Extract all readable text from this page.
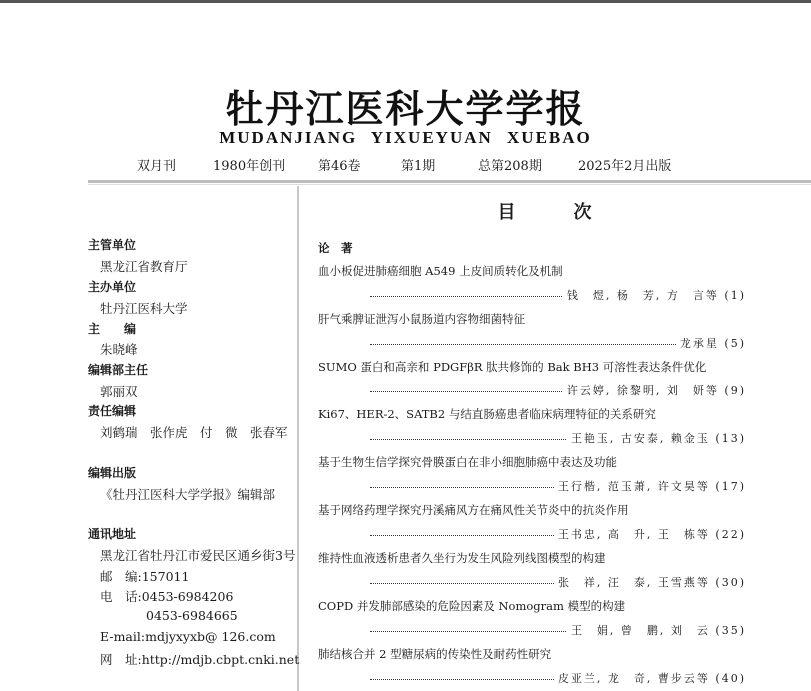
牡丹江医科大学学报
MUDANJIANG YIXUEYUAN XUEBAO
双月刊	1980年创刊	第46卷	第1期	总第208期	2025年2月出版
主管单位
黑龙江省教育厅
主办单位
牡丹江医科大学
主　　编
朱晓峰
编辑部主任
郭丽双
责任编辑
刘鹤瑞　张作虎　付　微　张春军
编辑出版
《牡丹江医科大学学报》编辑部
通讯地址
黑龙江省牡丹江市爱民区通乡街3号
邮　编:157011
电　话:0453-6984206
0453-6984665
E-mail:mdjyxyxb@ 126.com
网　址:http://mdjb.cbpt.cnki.net
目　次
论　著
血小板促进肺癌细胞 A549 上皮间质转化及机制
钱　煜, 杨　芳, 方　言等 (1)
肝气乘脾证泄泻小鼠肠道内容物细菌特征
龙承星 (5)
SUMO 蛋白和高亲和 PDGFβR 肽共修饰的 Bak BH3 可溶性表达条件优化
许云婷, 徐黎明, 刘　妍等 (9)
Ki67、HER-2、SATB2 与结直肠癌患者临床病理特征的关系研究
王艳玉, 古安泰, 赖金玉 (13)
基于生物生信学探究骨膜蛋白在非小细胞肺癌中表达及功能
王行楷, 范玉萧, 许文昊等 (17)
基于网络药理学探究丹溪痛风方在痛风性关节炎中的抗炎作用
王书忠, 高　升, 王　栋等 (22)
维持性血液透析患者久坐行为发生风险列线图模型的构建
张　祥, 汪　泰, 王雪燕等 (30)
COPD 并发肺部感染的危险因素及 Nomogram 模型的构建
王　娟, 曾　鹏, 刘　云 (35)
肺结核合并 2 型糖尿病的传染性及耐药性研究
皮亚兰, 龙　奇, 曹步云等 (40)
